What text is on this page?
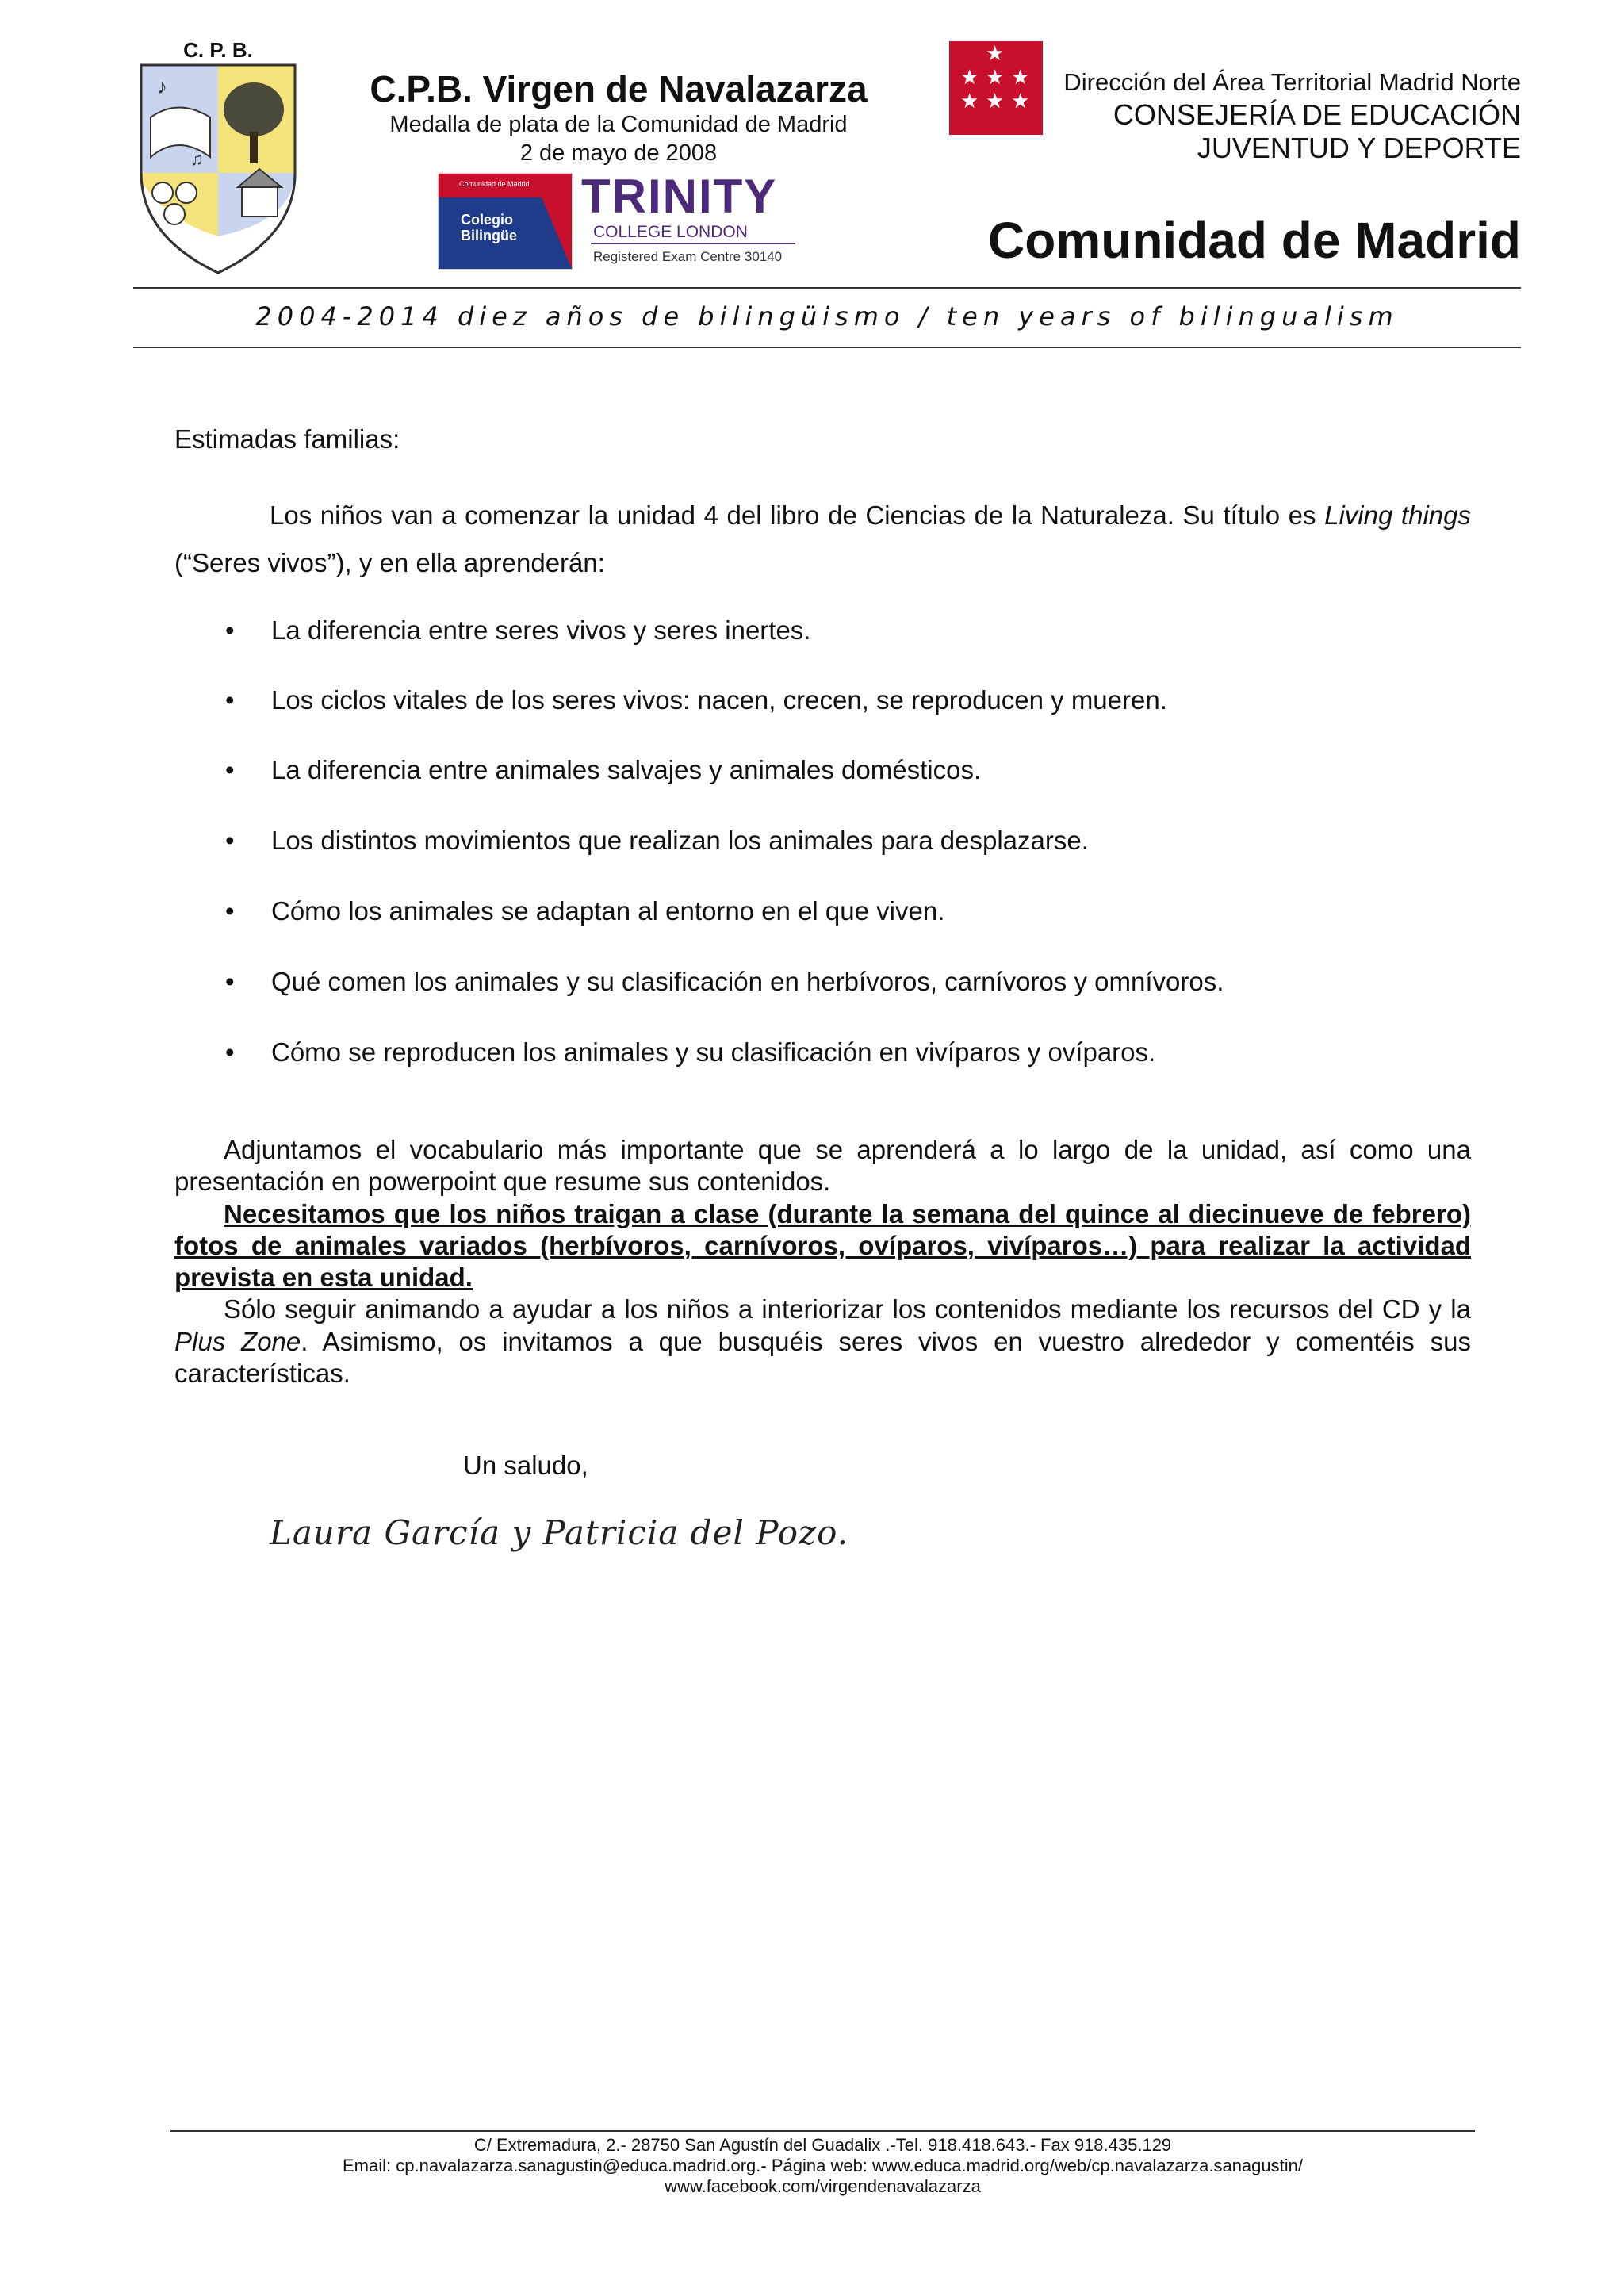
C. P. B.
♪
♫
C.P.B. Virgen de Navalazarza
Medalla de plata de la Comunidad de Madrid
2 de mayo de 2008
Comunidad de Madrid
Colegio Bilingüe
TRINITY
COLLEGE LONDON
Registered Exam Centre 30140
★ ★ ★
★ ★ ★
★
Dirección del Área Territorial Madrid Norte
CONSEJERÍA DE EDUCACIÓN
JUVENTUD Y DEPORTE
Comunidad de Madrid
2004-2014 diez años de bilingüismo / ten years of bilingualism
Estimadas familias:
Los niños van a comenzar la unidad 4 del libro de Ciencias de la Naturaleza. Su título es Living things (“Seres vivos”), y en ella aprenderán:
• La diferencia entre seres vivos y seres inertes.
• Los ciclos vitales de los seres vivos: nacen, crecen, se reproducen y mueren.
• La diferencia entre animales salvajes y animales domésticos.
• Los distintos movimientos que realizan los animales para desplazarse.
• Cómo los animales se adaptan al entorno en el que viven.
• Qué comen los animales y su clasificación en herbívoros, carnívoros y omnívoros.
• Cómo se reproducen los animales y su clasificación en vivíparos y ovíparos.

Adjuntamos el vocabulario más importante que se aprenderá a lo largo de la unidad, así como una presentación en powerpoint que resume sus contenidos.

Necesitamos que los niños traigan a clase (durante la semana del quince al diecinueve de febrero) fotos de animales variados (herbívoros, carnívoros, ovíparos, vivíparos…) para realizar la actividad prevista en esta unidad.

Sólo seguir animando a ayudar a los niños a interiorizar los contenidos mediante los recursos del CD y la Plus Zone. Asimismo, os invitamos a que busquéis seres vivos en vuestro alrededor y comentéis sus características.

Un saludo,
Laura García y Patricia del Pozo.
C/ Extremadura, 2.- 28750 San Agustín del Guadalix .-Tel. 918.418.643.- Fax 918.435.129
Email: cp.navalazarza.sanagustin@educa.madrid.org.- Página web: www.educa.madrid.org/web/cp.navalazarza.sanagustin/
www.facebook.com/virgendenavalazarza
